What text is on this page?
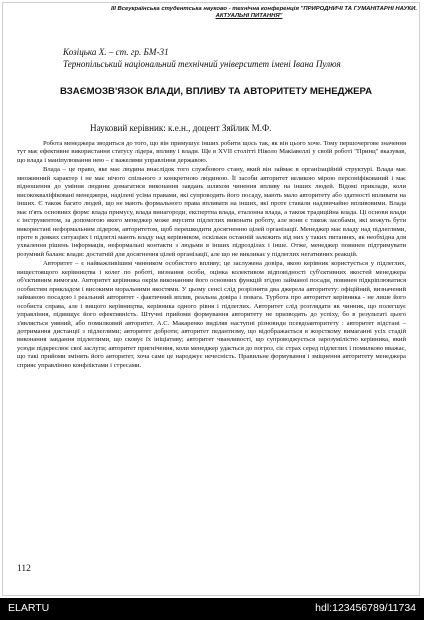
ІІІ Всеукраїнська студентська науково - технічна конференція "ПРИРОДНИЧІ ТА ГУМАНІТАРНІ НАУКИ.
АКТУАЛЬНІ ПИТАННЯ"
Козіцька Х. – ст. гр. БМ-31
Тернопільський національний технічний університет імені Івана Пулюя
ВЗАЄМОЗВ'ЯЗОК ВЛАДИ, ВПЛИВУ ТА АВТОРИТЕТУ МЕНЕДЖЕРА
Науковий керівник: к.е.н., доцент Зяйлик М.Ф.

Робота менеджера зводиться до того, що він примушує інших робити щось так, як він цього хоче. Тому першочергове значення тут має ефективне використання статусу лідера, впливу і влади. Ще в XVII столітті Ніколо Макіавеллі у своїй роботі "Принц" вказував, що влада і маніпулювання нею – є важелями управління державою.

Влада – це право, яке має людина внаслідок того службового стану, який він займає в організаційній структурі. Влада має множинний характер і не має нічого спільного з конкретною людиною. Її засоби авторитет великою мірою персоніфікований і має відношення до уміння людини домагатися виконання завдань шляхом чинення впливу на інших людей. Відомі приклади, коли висококваліфіковані менеджери, наділені усіма правами, які супроводять його посаду, мають мало авторитету або здатності впливати на інших. Є також багато людей, що не мають формального права впливати на інших, які проте ставали надзвичайно впливовими. Влада має п'ять основних форм: влада примусу, влада винагороди, експертна влада, еталонна влада, а також традиційна влада. Ці основи влади є інструментом, за допомогою якого менеджер може змусити підлеглих виконати роботу, але вони є також засобами, які можуть бути використані неформальним лідером, авторитетом, щоб перешкодити досягненню цілей організації. Менеджер має владу над підлеглими, проте в деяких ситуаціях і підлеглі мають владу над керівником, оскільки останній залежить від них у таких питаннях, як необхідна для ухвалення рішень інформація, неформальні контакти з людьми в інших підрозділах і інше. Отже, менеджер повинен підтримувати розумний баланс влади: достатній для досягнення цілей організації, але що не викликає у підлеглих негативних реакцій.

Авторитет – є найважливішим чинником особистого впливу; це заслужена довіра, якою керівник користується у підлеглих, вищестоящого керівництва і колег по роботі, визнання особи, оцінка колективом відповідності суб'єктивних якостей менеджера об'єктивним вимогам. Авторитет керівника окрім виконанням його основних функцій згідно займаної посади, повинен підкріплюватися особистим прикладом і високими моральними якостями. У цьому сенсі слід розрізняти два джерела авторитету: офіційний, визначений займаною посадою і реальний авторитет - фактичний вплив, реальна довіра і повага. Турбота про авторитет керівника - не лише його особиста справа, але і вищого керівництва, керівника одного рівня і підлеглих. Авторитет слід розглядати як чинник, що полегшує управління, підвищує його ефективність. Штучні прийоми формування авторитету не призводять до успіху, бо в результаті цього з'являється уявний, або помилковий авторитет. А.С. Макаренко виділяв наступні різновиди псевдоавторитету : авторитет відстані – дотримання дистанції з підлеглими; авторитет доброти; авторитет педантизму, що відображається в жорсткому вимаганні усіх стадій виконання завдання підлеглими, що сковує їх ініціативу; авторитет чванливості, що супроводжується зарозумілістю керівника, який усюди підкреслює свої заслуги; авторитет пригнічення, коли менеджер удається до погроз, сіє страх серед підлеглих і помилково вважає, що такі прийоми змінять його авторитет, хоча саме це народжує нечесність. Правильне формування і зміцнення авторитету менеджера сприяє управлінню конфліктами і стресами.

112
ELARTU	hdl:123456789/11734
